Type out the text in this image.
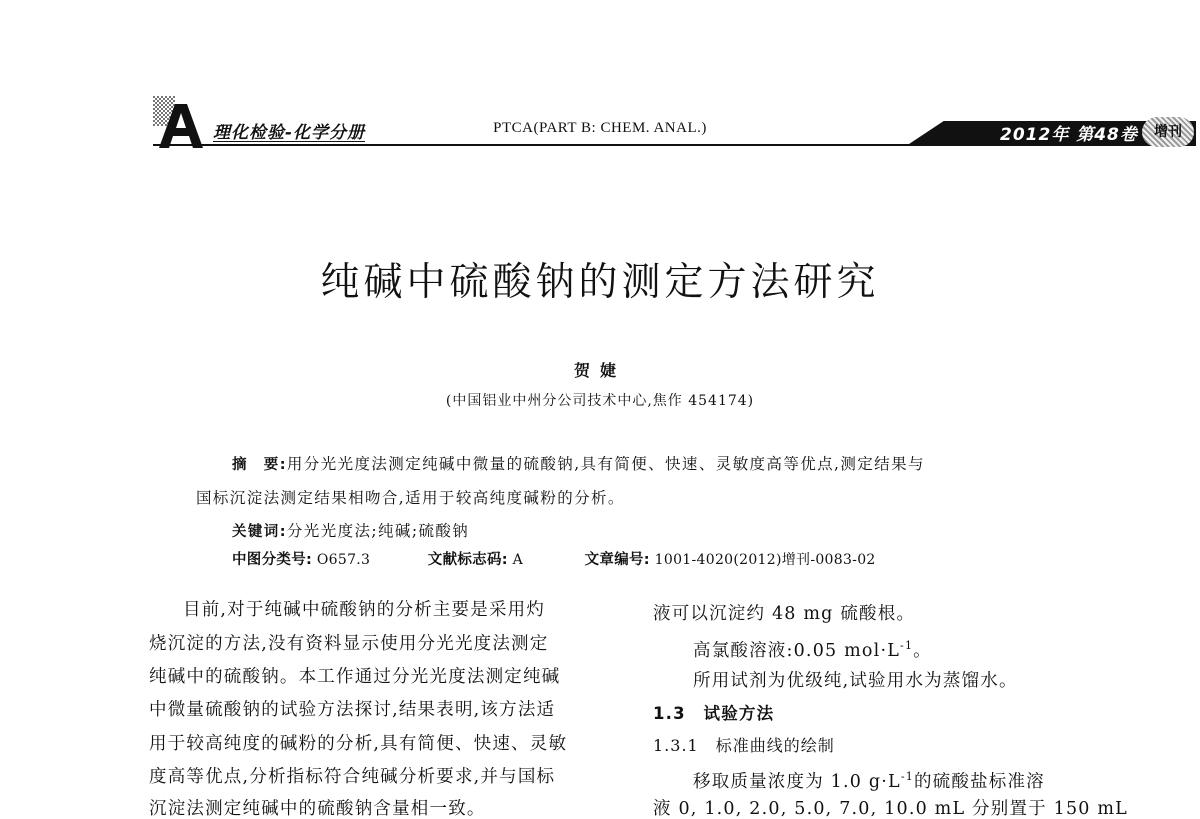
理化检验-化学分册	PTCA(PART B: CHEM. ANAL.)	2012年 第48卷	增刊
纯碱中硫酸钠的测定方法研究
贺婕
(中国铝业中州分公司技术中心,焦作 454174)
摘　要:用分光光度法测定纯碱中微量的硫酸钠,具有简便、快速、灵敏度高等优点,测定结果与
国标沉淀法测定结果相吻合,适用于较高纯度碱粉的分析。
关键词:分光光度法;纯碱;硫酸钠
中图分类号: O657.3	文献标志码: A	文章编号: 1001-4020(2012)增刊-0083-02
目前,对于纯碱中硫酸钠的分析主要是采用灼
烧沉淀的方法,没有资料显示使用分光光度法测定
纯碱中的硫酸钠。本工作通过分光光度法测定纯碱
中微量硫酸钠的试验方法探讨,结果表明,该方法适
用于较高纯度的碱粉的分析,具有简便、快速、灵敏
度高等优点,分析指标符合纯碱分析要求,并与国标
沉淀法测定纯碱中的硫酸钠含量相一致。
液可以沉淀约 48 mg 硫酸根。
高氯酸溶液:0.05 $mol\cdot L^{-1}$。
所用试剂为优级纯,试验用水为蒸馏水。
1.3　试验方法
1.3.1　标准曲线的绘制
移取质量浓度为 1.0 $g\cdot L^{-1}$的硫酸盐标准溶
液 0, 1.0, 2.0, 5.0, 7.0, 10.0 mL 分别置于 150 mL
